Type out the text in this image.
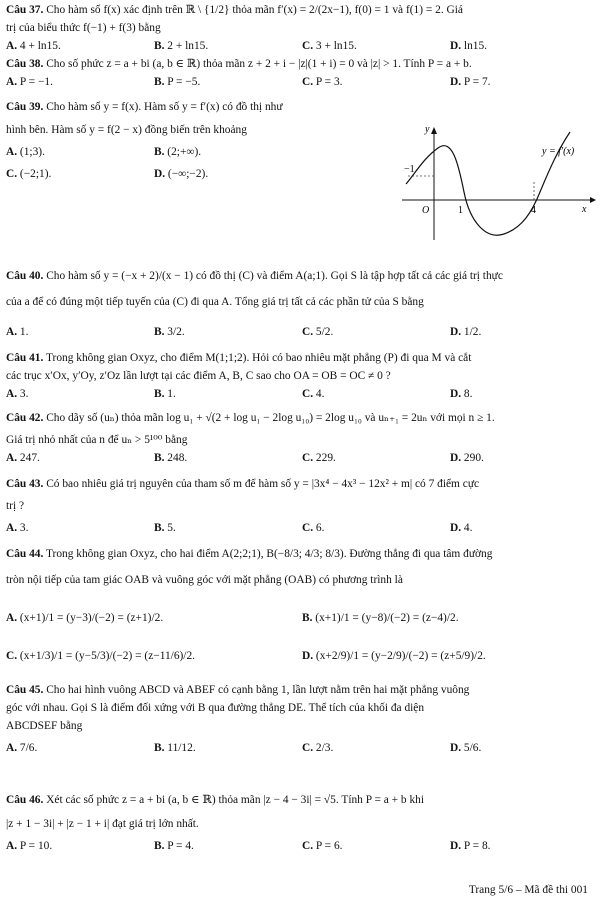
Câu 37. Cho hàm số f(x) xác định trên ℝ \ {1/2} thỏa mãn f′(x) = 2/(2x−1), f(0) = 1 và f(1) = 2. Giá
trị của biểu thức f(−1) + f(3) bằng
A. 4 + ln15.	B. 2 + ln15.	C. 3 + ln15.	D. ln15.
Câu 38. Cho số phức z = a + bi (a, b ∈ ℝ) thỏa mãn z + 2 + i − |z|(1 + i) = 0 và |z| > 1. Tính P = a + b.
A. P = −1.	B. P = −5.	C. P = 3.	D. P = 7.
Câu 39. Cho hàm số y = f(x). Hàm số y = f′(x) có đồ thị như
hình bên. Hàm số y = f(2 − x) đồng biến trên khoảng
A. (1;3).	B. (2;+∞).
C. (−2;1).	D. (−∞;−2).
Câu 40. Cho hàm số y = (−x + 2)/(x − 1) có đồ thị (C) và điểm A(a;1). Gọi S là tập hợp tất cả các giá trị thực
của a để có đúng một tiếp tuyến của (C) đi qua A. Tổng giá trị tất cả các phần tử của S bằng
A. 1.	B. 3/2.	C. 5/2.	D. 1/2.
Câu 41. Trong không gian Oxyz, cho điểm M(1;1;2). Hỏi có bao nhiêu mặt phẳng (P) đi qua M và cắt
các trục x′Ox, y′Oy, z′Oz lần lượt tại các điểm A, B, C sao cho OA = OB = OC ≠ 0 ?
A. 3.	B. 1.	C. 4.	D. 8.
Câu 42. Cho dãy số (uₙ) thỏa mãn log u₁ + √(2 + log u₁ − 2log u₁₀) = 2log u₁₀ và uₙ₊₁ = 2uₙ với mọi n ≥ 1.
Giá trị nhỏ nhất của n để uₙ > 5¹⁰⁰ bằng
A. 247.	B. 248.	C. 229.	D. 290.
Câu 43. Có bao nhiêu giá trị nguyên của tham số m để hàm số y = |3x⁴ − 4x³ − 12x² + m| có 7 điểm cực
trị ?
A. 3.	B. 5.	C. 6.	D. 4.
Câu 44. Trong không gian Oxyz, cho hai điểm A(2;2;1), B(−8/3; 4/3; 8/3). Đường thẳng đi qua tâm đường
tròn nội tiếp của tam giác OAB và vuông góc với mặt phẳng (OAB) có phương trình là
A. (x+1)/1 = (y−3)/(−2) = (z+1)/2.	B. (x+1)/1 = (y−8)/(−2) = (z−4)/2.
C. (x+1/3)/1 = (y−5/3)/(−2) = (z−11/6)/2.	D. (x+2/9)/1 = (y−2/9)/(−2) = (z+5/9)/2.
Câu 45. Cho hai hình vuông ABCD và ABEF có cạnh bằng 1, lần lượt nằm trên hai mặt phẳng vuông
góc với nhau. Gọi S là điểm đối xứng với B qua đường thẳng DE. Thể tích của khối đa diện
ABCDSEF bằng
A. 7/6.	B. 11/12.	C. 2/3.	D. 5/6.
Câu 46. Xét các số phức z = a + bi (a, b ∈ ℝ) thỏa mãn |z − 4 − 3i| = √5. Tính P = a + b khi
|z + 1 − 3i| + |z − 1 + i| đạt giá trị lớn nhất.
A. P = 10.	B. P = 4.	C. P = 6.	D. P = 8.
y
x
O	1	4
−1
y = f′(x)
Trang 5/6 – Mã đề thi 001
